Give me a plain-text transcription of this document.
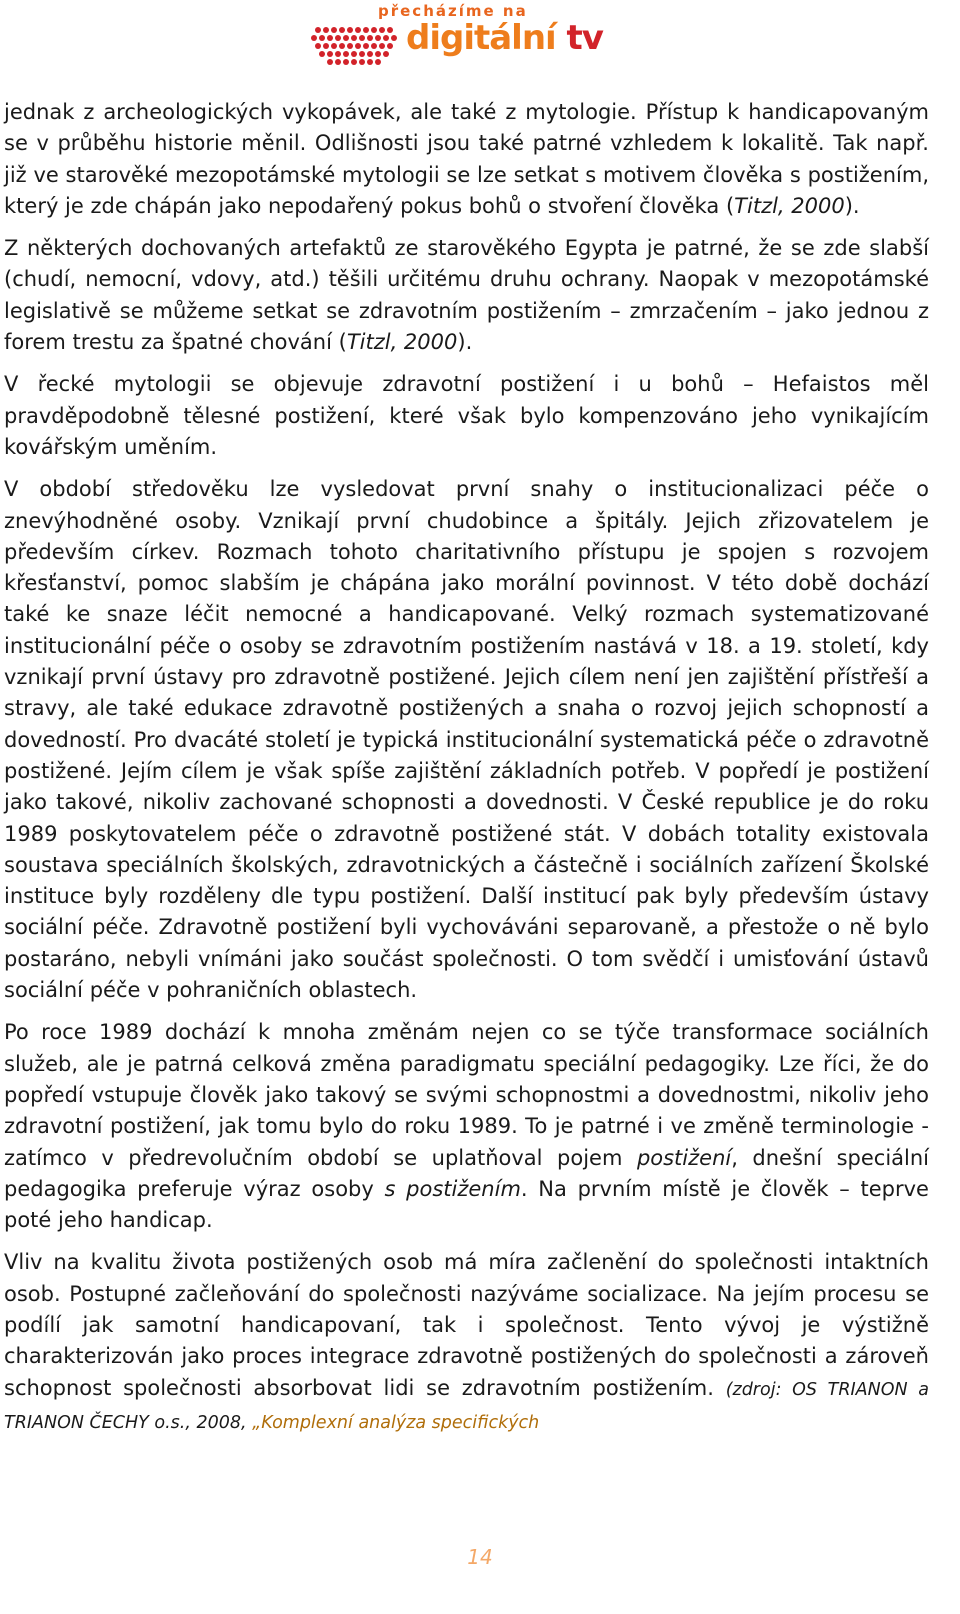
přecházíme na
digitální tv

jednak z archeologických vykopávek, ale také z mytologie. Přístup k handicapovaným se v průběhu historie měnil. Odlišnosti jsou také patrné vzhledem k lokalitě. Tak např. již ve starověké mezopotámské mytologii se lze setkat s motivem člověka s postižením, který je zde chápán jako nepodařený pokus bohů o stvoření člověka (Titzl, 2000).

Z některých dochovaných artefaktů ze starověkého Egypta je patrné, že se zde slabší (chudí, nemocní, vdovy, atd.) těšili určitému druhu ochrany. Naopak v mezopotámské legislativě se můžeme setkat se zdravotním postižením – zmrzačením – jako jednou z forem trestu za špatné chování (Titzl, 2000).

V řecké mytologii se objevuje zdravotní postižení i u bohů – Hefaistos měl pravděpodobně tělesné postižení, které však bylo kompenzováno jeho vynikajícím kovářským uměním.

V období středověku lze vysledovat první snahy o institucionalizaci péče o znevýhodněné osoby. Vznikají první chudobince a špitály. Jejich zřizovatelem je především církev. Rozmach tohoto charitativního přístupu je spojen s rozvojem křesťanství, pomoc slabším je chápána jako morální povinnost. V této době dochází také ke snaze léčit nemocné a handicapované. Velký rozmach systematizované institucionální péče o osoby se zdravotním postižením nastává v 18. a 19. století, kdy vznikají první ústavy pro zdravotně postižené. Jejich cílem není jen zajištění přístřeší a stravy, ale také edukace zdravotně postižených a snaha o rozvoj jejich schopností a dovedností. Pro dvacáté století je typická institucionální systematická péče o zdravotně postižené. Jejím cílem je však spíše zajištění základních potřeb. V popředí je postižení jako takové, nikoliv zachované schopnosti a dovednosti. V České republice je do roku 1989 poskytovatelem péče o zdravotně postižené stát. V dobách totality existovala soustava speciálních školských, zdravotnických a částečně i sociálních zařízení Školské instituce byly rozděleny dle typu postižení. Další institucí pak byly především ústavy sociální péče. Zdravotně postižení byli vychováváni separovaně, a přestože o ně bylo postaráno, nebyli vnímáni jako součást společnosti. O tom svědčí i umisťování ústavů sociální péče v pohraničních oblastech.

Po roce 1989 dochází k mnoha změnám nejen co se týče transformace sociálních služeb, ale je patrná celková změna paradigmatu speciální pedagogiky. Lze říci, že do popředí vstupuje člověk jako takový se svými schopnostmi a dovednostmi, nikoliv jeho zdravotní postižení, jak tomu bylo do roku 1989. To je patrné i ve změně terminologie - zatímco v předrevolučním období se uplatňoval pojem postižení, dnešní speciální pedagogika preferuje výraz osoby s postižením. Na prvním místě je člověk – teprve poté jeho handicap.

Vliv na kvalitu života postižených osob má míra začlenění do společnosti intaktních osob. Postupné začleňování do společnosti nazýváme socializace. Na jejím procesu se podílí jak samotní handicapovaní, tak i společnost. Tento vývoj je výstižně charakterizován jako proces integrace zdravotně postižených do společnosti a zároveň schopnost společnosti absorbovat lidi se zdravotním postižením. (zdroj: OS TRIANON a TRIANON ČECHY o.s., 2008, „Komplexní analýza specifických

14
